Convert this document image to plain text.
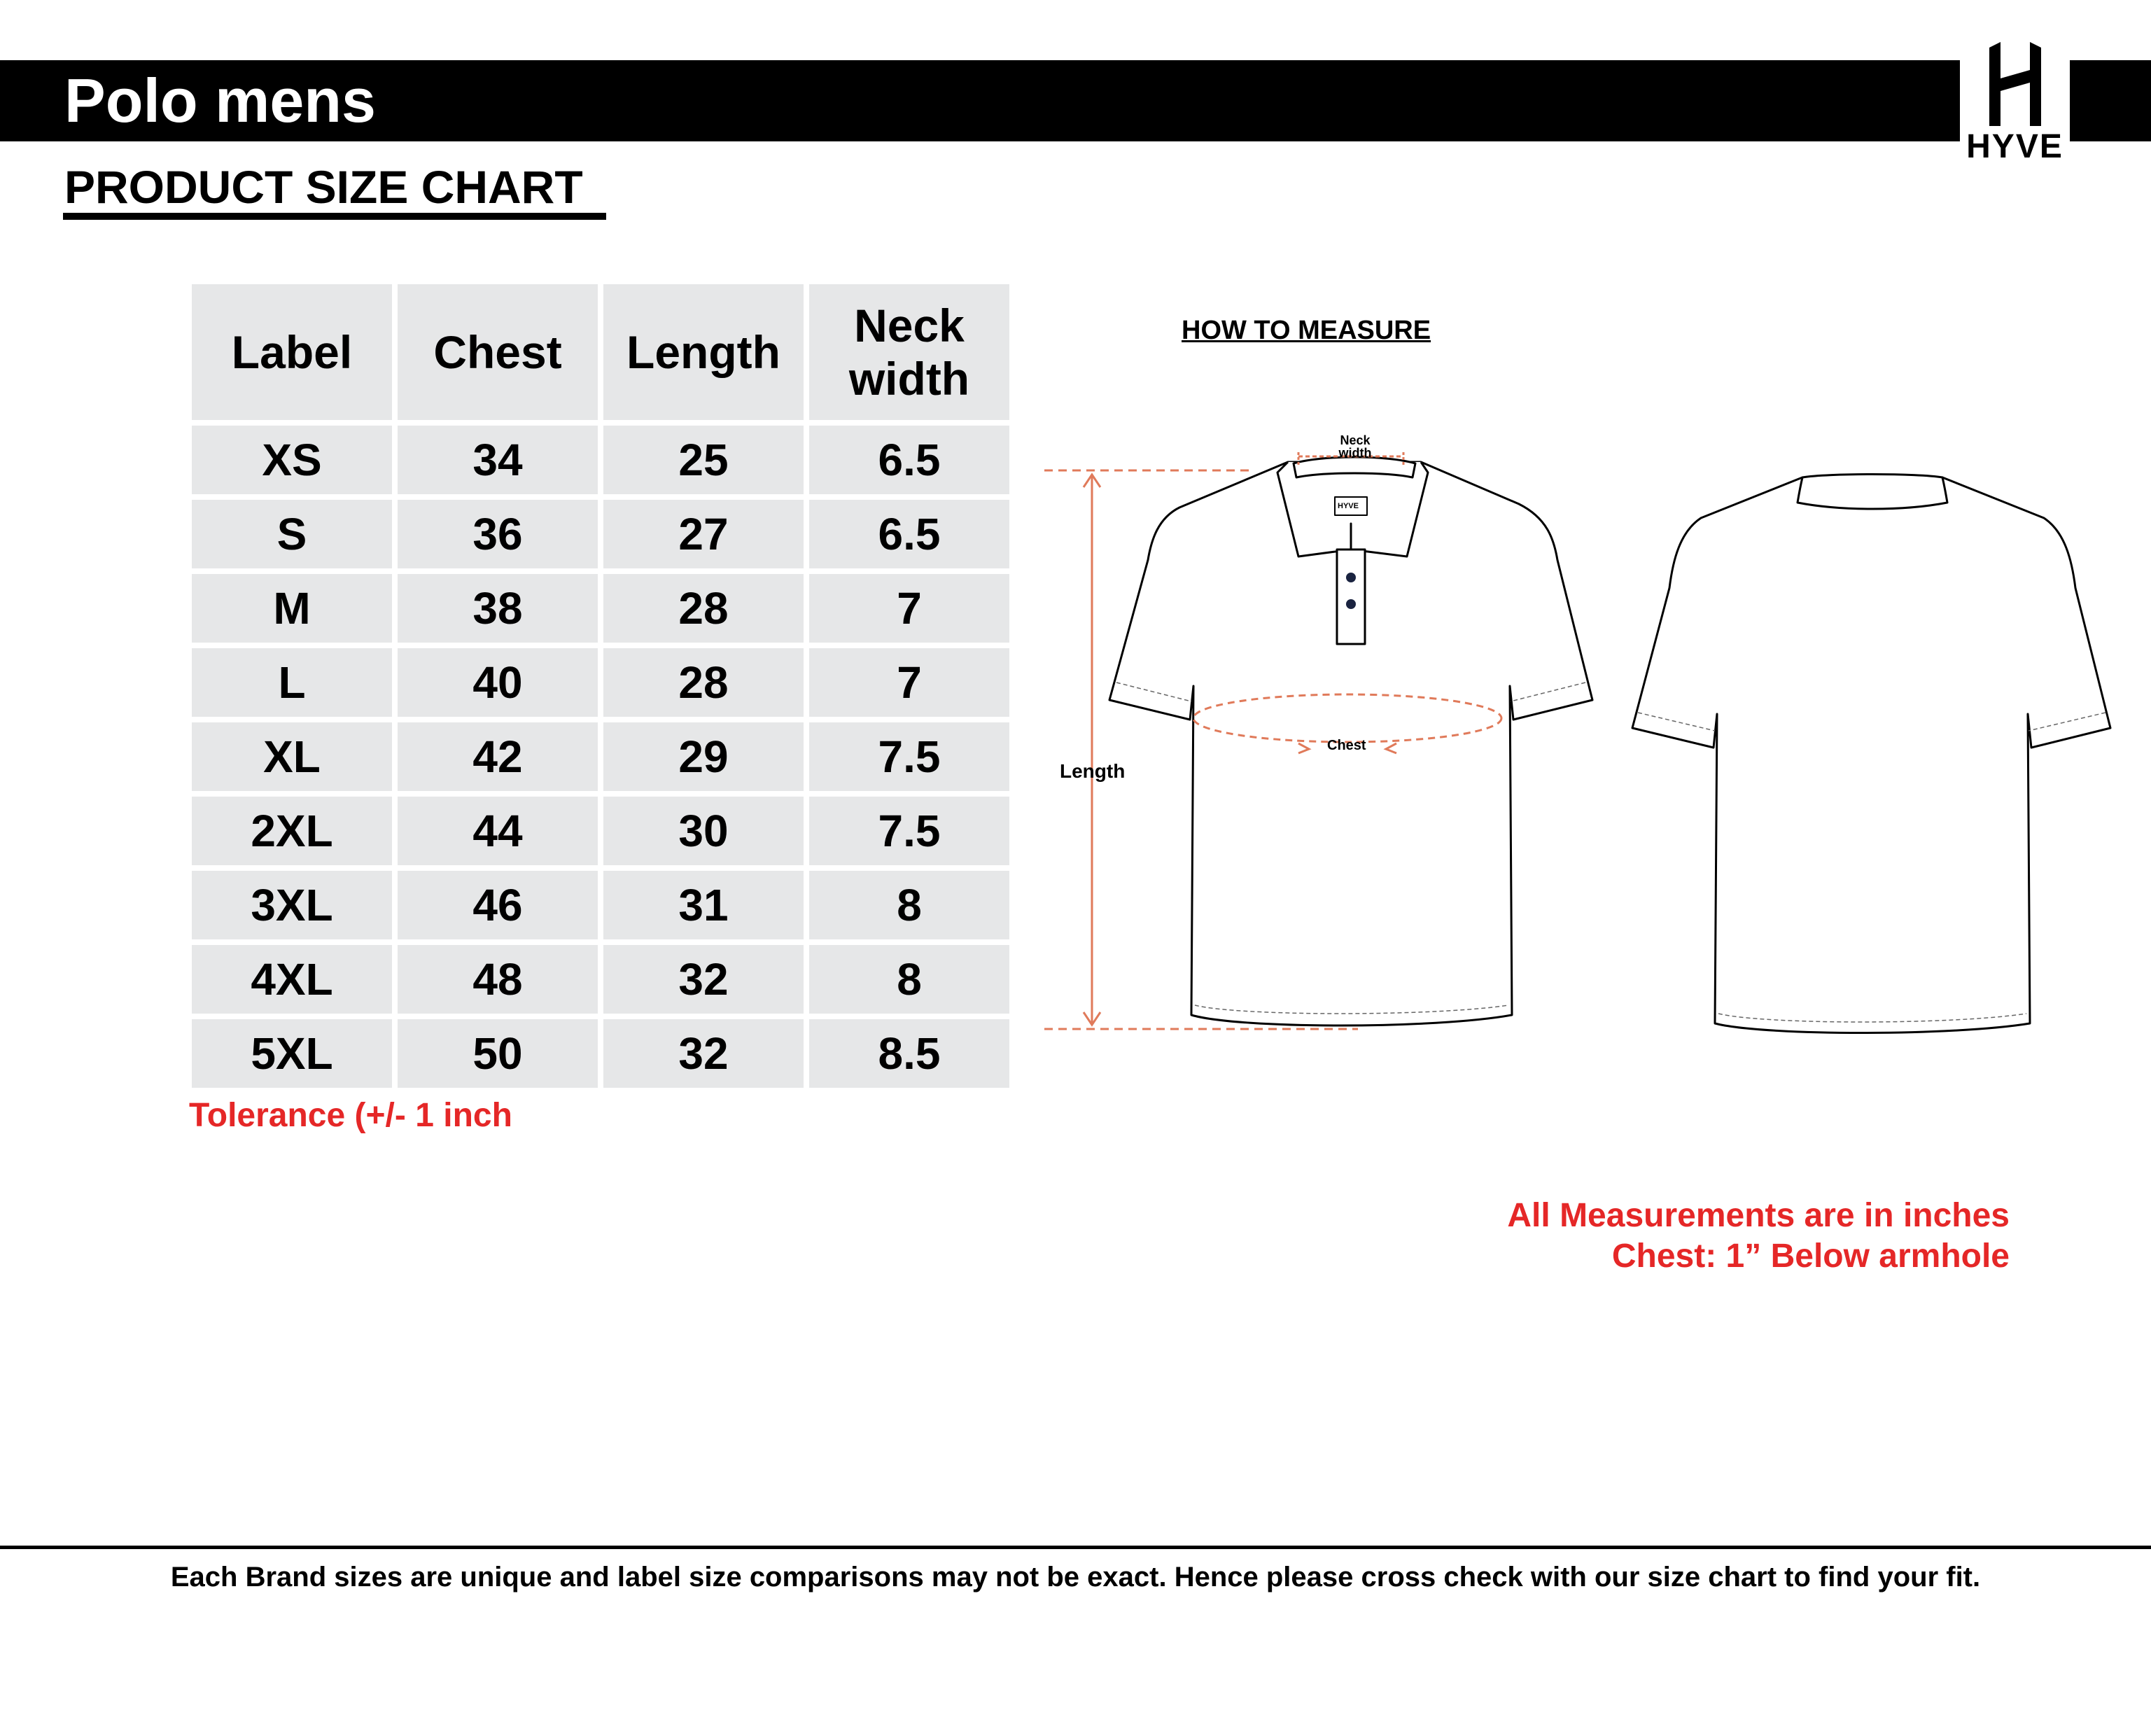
Polo mens
HYVE
PRODUCT SIZE CHART
Label	Chest	Length	Neck width
XS	34	25	6.5
S	36	27	6.5
M	38	28	7
L	40	28	7
XL	42	29	7.5
2XL	44	30	7.5
3XL	46	31	8
4XL	48	32	8
5XL	50	32	8.5
Tolerance (+/- 1 inch
HOW TO MEASURE
Length
Chest
Neck width
HYVE
All Measurements are in inches
Chest: 1” Below armhole
Each Brand sizes are unique and label size comparisons may not be exact. Hence please cross check with our size chart to find your fit.
